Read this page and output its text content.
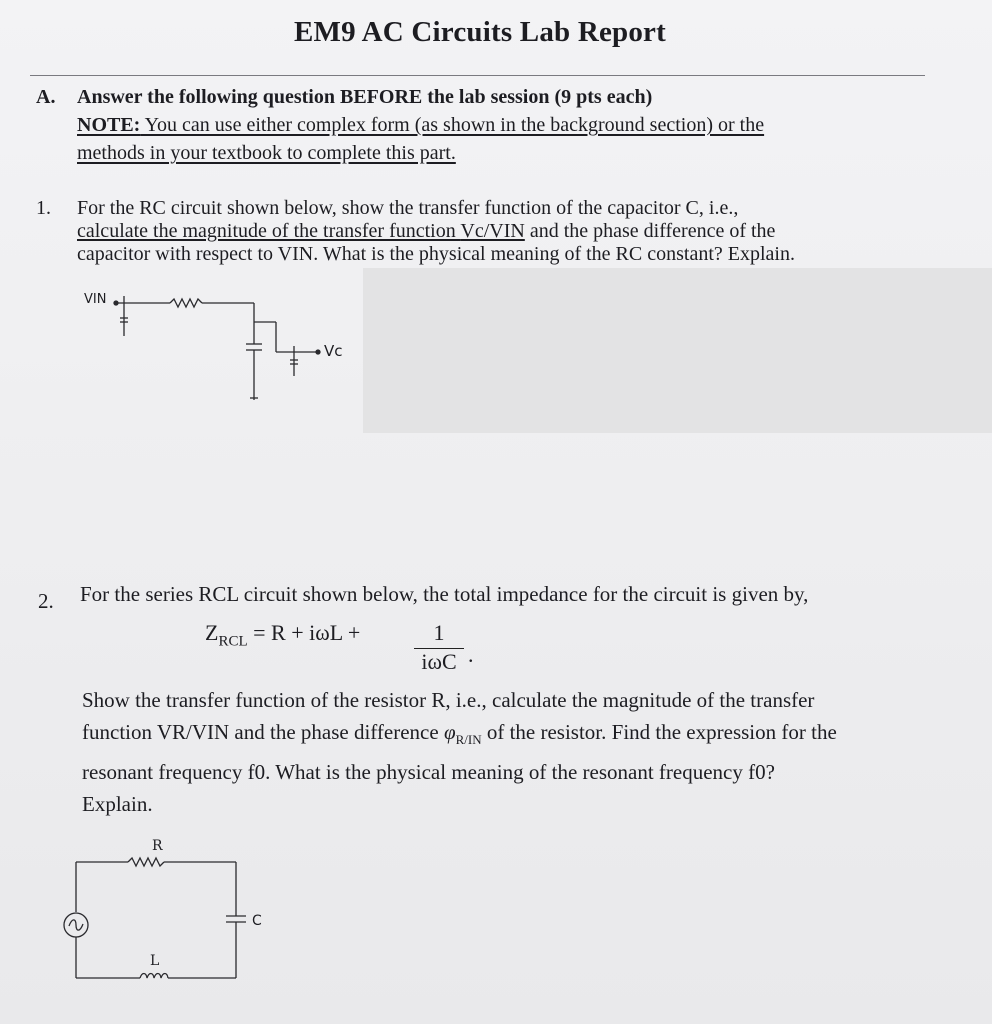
EM9 AC Circuits Lab Report
A. Answer the following question BEFORE the lab session (9 pts each)
NOTE: You can use either complex form (as shown in the background section) or the
methods in your textbook to complete this part.
1. For the RC circuit shown below, show the transfer function of the capacitor C, i.e.,
calculate the magnitude of the transfer function Vc/VIN and the phase difference of the
capacitor with respect to VIN. What is the physical meaning of the RC constant? Explain.
VIN
Vc
2. For the series RCL circuit shown below, the total impedance for the circuit is given by,
$Z_{RCL} = R + i\omega L$ +	1
iωC .
Show the transfer function of the resistor R, i.e., calculate the magnitude of the transfer
function VR/VIN and the phase difference $\varphi_{R/IN}$ of the resistor. Find the expression for the
resonant frequency f0. What is the physical meaning of the resonant frequency f0?
Explain.
R
C
L
